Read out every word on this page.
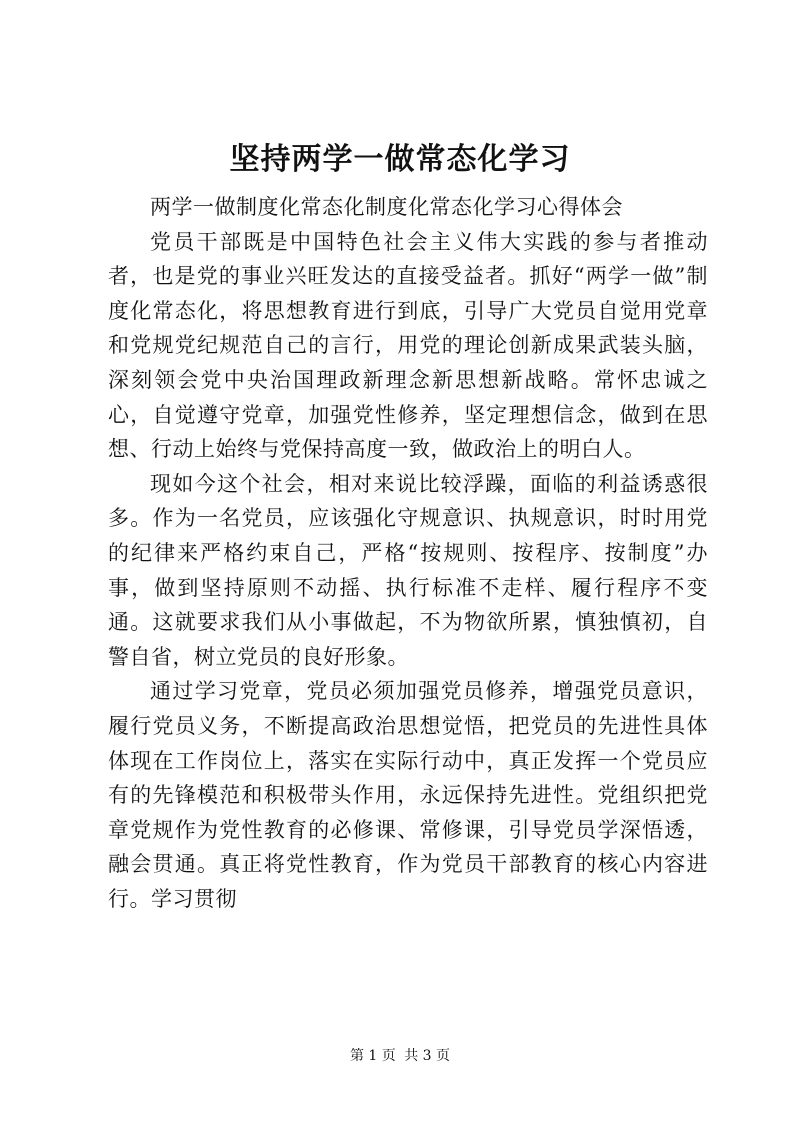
坚持两学一做常态化学习

两学一做制度化常态化制度化常态化学习心得体会

党员干部既是中国特色社会主义伟大实践的参与者推动者，也是党的事业兴旺发达的直接受益者。抓好“两学一做”制度化常态化，将思想教育进行到底，引导广大党员自觉用党章和党规党纪规范自己的言行，用党的理论创新成果武装头脑，深刻领会党中央治国理政新理念新思想新战略。常怀忠诚之心，自觉遵守党章，加强党性修养，坚定理想信念，做到在思想、行动上始终与党保持高度一致，做政治上的明白人。

现如今这个社会，相对来说比较浮躁，面临的利益诱惑很多。作为一名党员，应该强化守规意识、执规意识，时时用党的纪律来严格约束自己，严格“按规则、按程序、按制度”办事，做到坚持原则不动摇、执行标准不走样、履行程序不变通。这就要求我们从小事做起，不为物欲所累，慎独慎初，自警自省，树立党员的良好形象。

通过学习党章，党员必须加强党员修养，增强党员意识，履行党员义务，不断提高政治思想觉悟，把党员的先进性具体体现在工作岗位上，落实在实际行动中，真正发挥一个党员应有的先锋模范和积极带头作用，永远保持先进性。党组织把党章党规作为党性教育的必修课、常修课，引导党员学深悟透，融会贯通。真正将党性教育，作为党员干部教育的核心内容进行。学习贯彻

第 1 页 共 3 页
